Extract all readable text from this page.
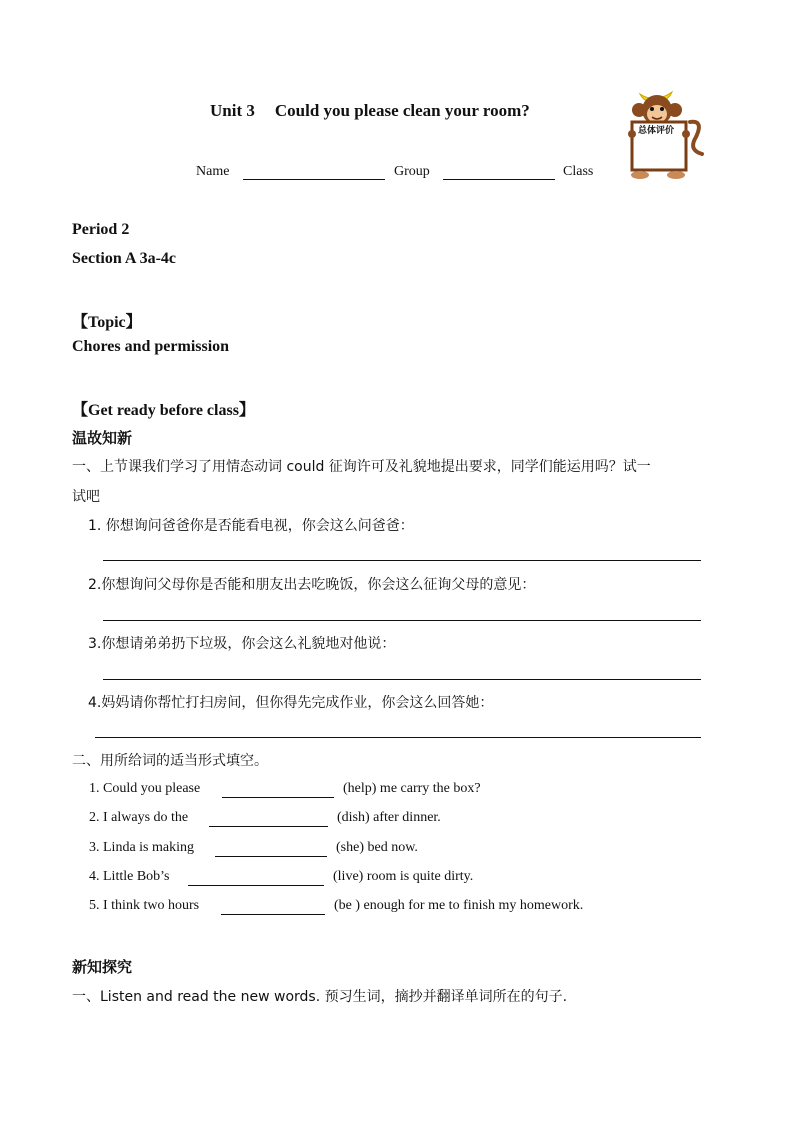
Unit 3 Could you please clean your room?
Name	Group	Class
总体评价
Period 2
Section A 3a-4c
【Topic】
Chores and permission
【Get ready before class】
温故知新
一、上节课我们学习了用情态动词 could 征询许可及礼貌地提出要求，同学们能运用吗？试一
试吧
1. 你想询问爸爸你是否能看电视，你会这么问爸爸：
2.你想询问父母你是否能和朋友出去吃晚饭，你会这么征询父母的意见：
3.你想请弟弟扔下垃圾，你会这么礼貌地对他说：
4.妈妈请你帮忙打扫房间，但你得先完成作业，你会这么回答她：
二、用所给词的适当形式填空。
1. Could you please	(help) me carry the box?
2. I always do the	(dish) after dinner.
3. Linda is making	(she) bed now.
4. Little Bob’s	(live) room is quite dirty.
5. I think two hours	(be ) enough for me to finish my homework.
新知探究
一、Listen and read the new words. 预习生词，摘抄并翻译单词所在的句子.
